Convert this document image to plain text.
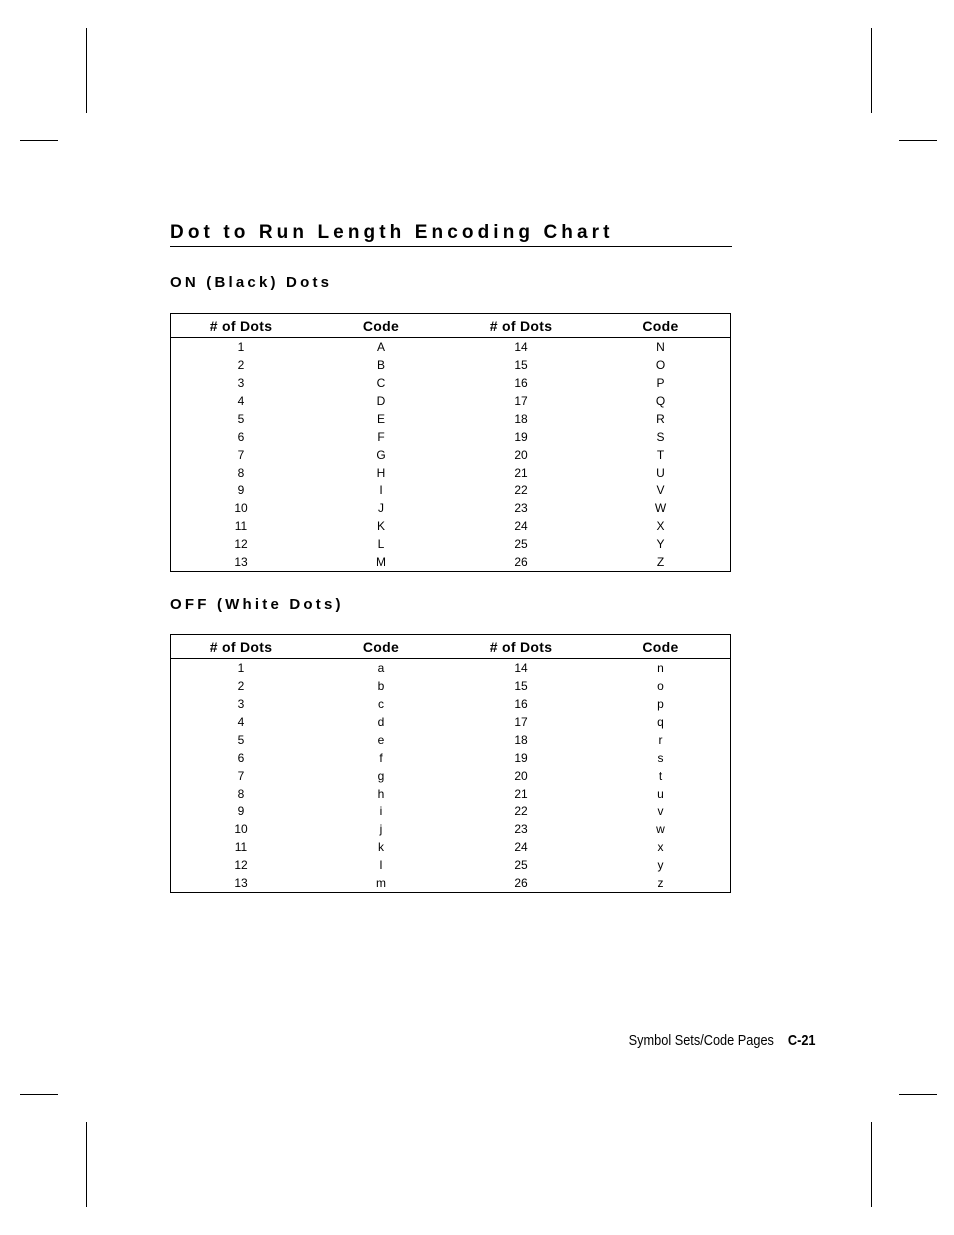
Dot to Run Length Encoding Chart
ON (Black) Dots
# of Dots	Code	# of Dots	Code
1	A	14	N
2	B	15	O
3	C	16	P
4	D	17	Q
5	E	18	R
6	F	19	S
7	G	20	T
8	H	21	U
9	I	22	V
10	J	23	W
11	K	24	X
12	L	25	Y
13	M	26	Z
OFF (White Dots)
# of Dots	Code	# of Dots	Code
1	a	14	n
2	b	15	o
3	c	16	p
4	d	17	q
5	e	18	r
6	f	19	s
7	g	20	t
8	h	21	u
9	i	22	v
10	j	23	w
11	k	24	x
12	l	25	y
13	m	26	z
Symbol Sets/Code Pages C-21
